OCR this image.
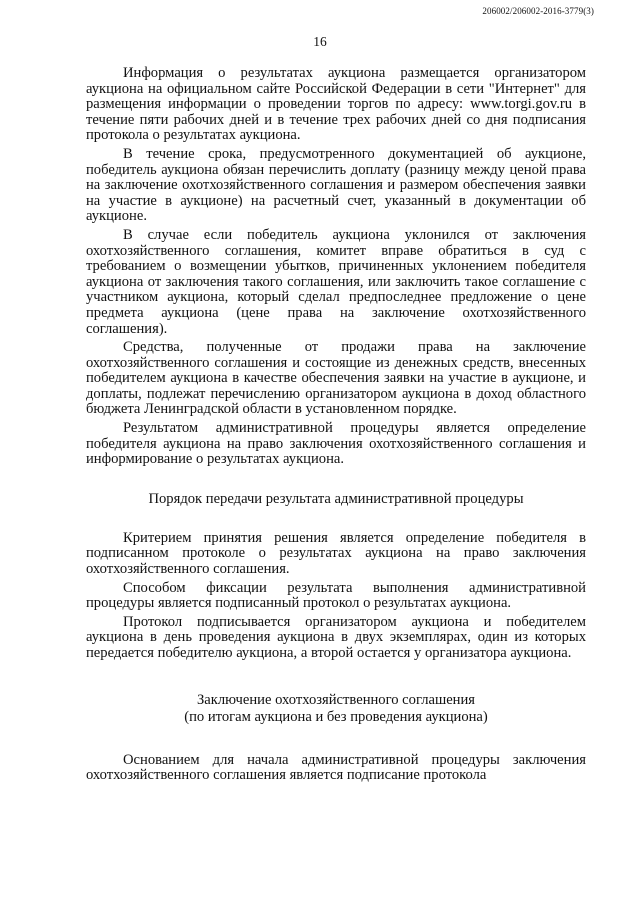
206002/206002-2016-3779(3)
16

Информация о результатах аукциона размещается организатором аукциона на официальном сайте Российской Федерации в сети "Интернет" для размещения информации о проведении торгов по адресу: www.torgi.gov.ru в течение пяти рабочих дней и в течение трех рабочих дней со дня подписания протокола о результатах аукциона.

В течение срока, предусмотренного документацией об аукционе, победитель аукциона обязан перечислить доплату (разницу между ценой права на заключение охотхозяйственного соглашения и размером обеспечения заявки на участие в аукционе) на расчетный счет, указанный в документации об аукционе.

В случае если победитель аукциона уклонился от заключения охотхозяйственного соглашения, комитет вправе обратиться в суд с требованием о возмещении убытков, причиненных уклонением победителя аукциона от заключения такого соглашения, или заключить такое соглашение с участником аукциона, который сделал предпоследнее предложение о цене предмета аукциона (цене права на заключение охотхозяйственного соглашения).

Средства, полученные от продажи права на заключение охотхозяйственного соглашения и состоящие из денежных средств, внесенных победителем аукциона в качестве обеспечения заявки на участие в аукционе, и доплаты, подлежат перечислению организатором аукциона в доход областного бюджета Ленинградской области в установленном порядке.

Результатом административной процедуры является определение победителя аукциона на право заключения охотхозяйственного соглашения и информирование о результатах аукциона.

Порядок передачи результата административной процедуры

Критерием принятия решения является определение победителя в подписанном протоколе о результатах аукциона на право заключения охотхозяйственного соглашения.

Способом фиксации результата выполнения административной процедуры является подписанный протокол о результатах аукциона.

Протокол подписывается организатором аукциона и победителем аукциона в день проведения аукциона в двух экземплярах, один из которых передается победителю аукциона, а второй остается у организатора аукциона.

Заключение охотхозяйственного соглашения

(по итогам аукциона и без проведения аукциона)

Основанием для начала административной процедуры заключения охотхозяйственного соглашения является подписание протокола
